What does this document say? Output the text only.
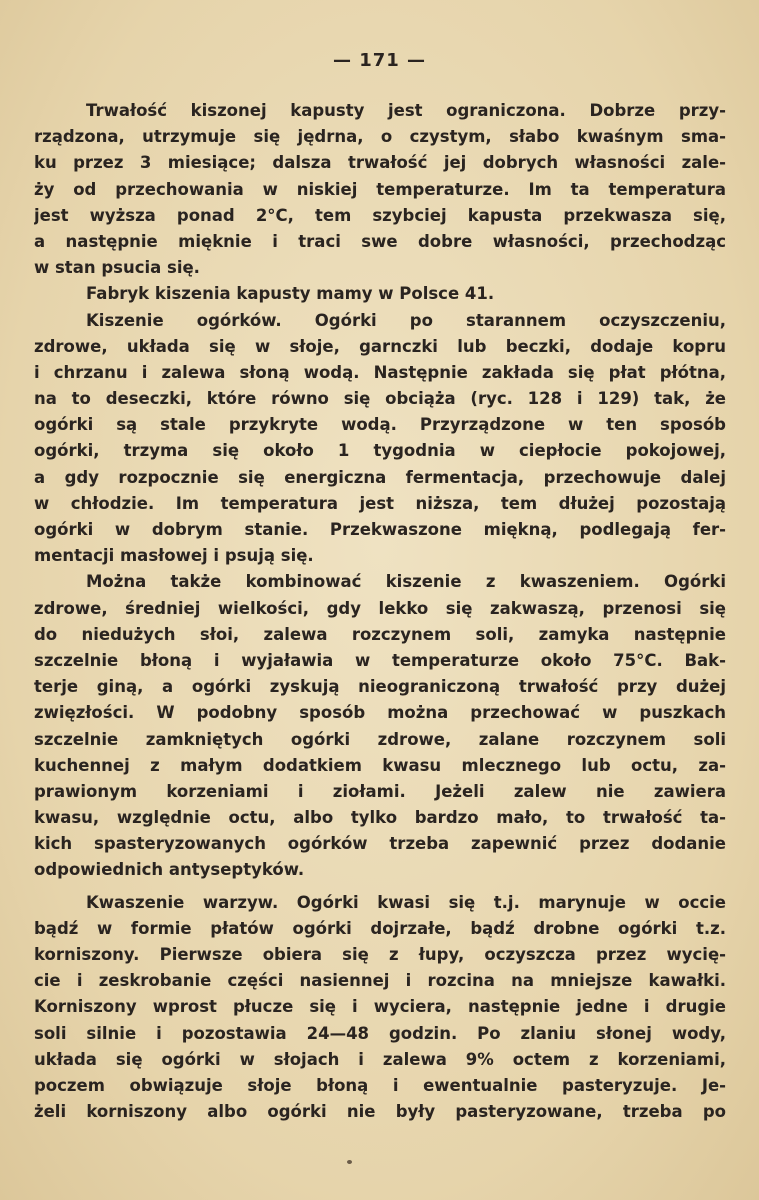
— 171 —
Trwałość kiszonej kapusty jest ograniczona. Dobrze przy-
rządzona, utrzymuje się jędrna, o czystym, słabo kwaśnym sma-
ku przez 3 miesiące; dalsza trwałość jej dobrych własności zale-
ży od przechowania w niskiej temperaturze. Im ta temperatura
jest wyższa ponad 2°C, tem szybciej kapusta przekwasza się,
a następnie mięknie i traci swe dobre własności, przechodząc
w stan psucia się.
Fabryk kiszenia kapusty mamy w Polsce 41.
Kiszenie ogórków. Ogórki po starannem oczyszczeniu,
zdrowe, układa się w słoje, garnczki lub beczki, dodaje kopru
i chrzanu i zalewa słoną wodą. Następnie zakłada się płat płótna,
na to deseczki, które równo się obciąża (ryc. 128 i 129) tak, że
ogórki są stale przykryte wodą. Przyrządzone w ten sposób
ogórki, trzyma się około 1 tygodnia w ciepłocie pokojowej,
a gdy rozpocznie się energiczna fermentacja, przechowuje dalej
w chłodzie. Im temperatura jest niższa, tem dłużej pozostają
ogórki w dobrym stanie. Przekwaszone miękną, podlegają fer-
mentacji masłowej i psują się.
Można także kombinować kiszenie z kwaszeniem. Ogórki
zdrowe, średniej wielkości, gdy lekko się zakwaszą, przenosi się
do niedużych słoi, zalewa rozczynem soli, zamyka następnie
szczelnie błoną i wyjaławia w temperaturze około 75°C. Bak-
terje giną, a ogórki zyskują nieograniczoną trwałość przy dużej
zwięzłości. W podobny sposób można przechować w puszkach
szczelnie zamkniętych ogórki zdrowe, zalane rozczynem soli
kuchennej z małym dodatkiem kwasu mlecznego lub octu, za-
prawionym korzeniami i ziołami. Jeżeli zalew nie zawiera
kwasu, względnie octu, albo tylko bardzo mało, to trwałość ta-
kich spasteryzowanych ogórków trzeba zapewnić przez dodanie
odpowiednich antyseptyków.
Kwaszenie warzyw. Ogórki kwasi się t.j. marynuje w occie
bądź w formie płatów ogórki dojrzałe, bądź drobne ogórki t.z.
korniszony. Pierwsze obiera się z łupy, oczyszcza przez wycię-
cie i zeskrobanie części nasiennej i rozcina na mniejsze kawałki.
Korniszony wprost płucze się i wyciera, następnie jedne i drugie
soli silnie i pozostawia 24—48 godzin. Po zlaniu słonej wody,
układa się ogórki w słojach i zalewa 9% octem z korzeniami,
poczem obwiązuje słoje błoną i ewentualnie pasteryzuje. Je-
żeli korniszony albo ogórki nie były pasteryzowane, trzeba po
